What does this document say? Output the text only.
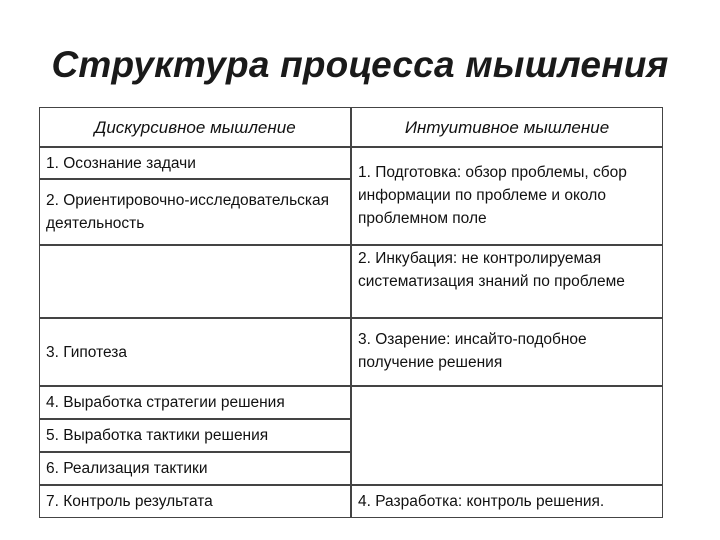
Структура процесса мышления
Дискурсивное мышление	Интуитивное мышление
1. Осознание задачи
2. Ориентировочно-исследовательская деятельность
3. Гипотеза
4. Выработка стратегии решения
5. Выработка тактики решения
6. Реализация тактики
7. Контроль результата
1. Подготовка: обзор проблемы, сбор информации по проблеме и около проблемном поле
2. Инкубация: не контролируемая систематизация знаний по проблеме
3. Озарение: инсайто-подобное получение решения
4. Разработка: контроль решения.
